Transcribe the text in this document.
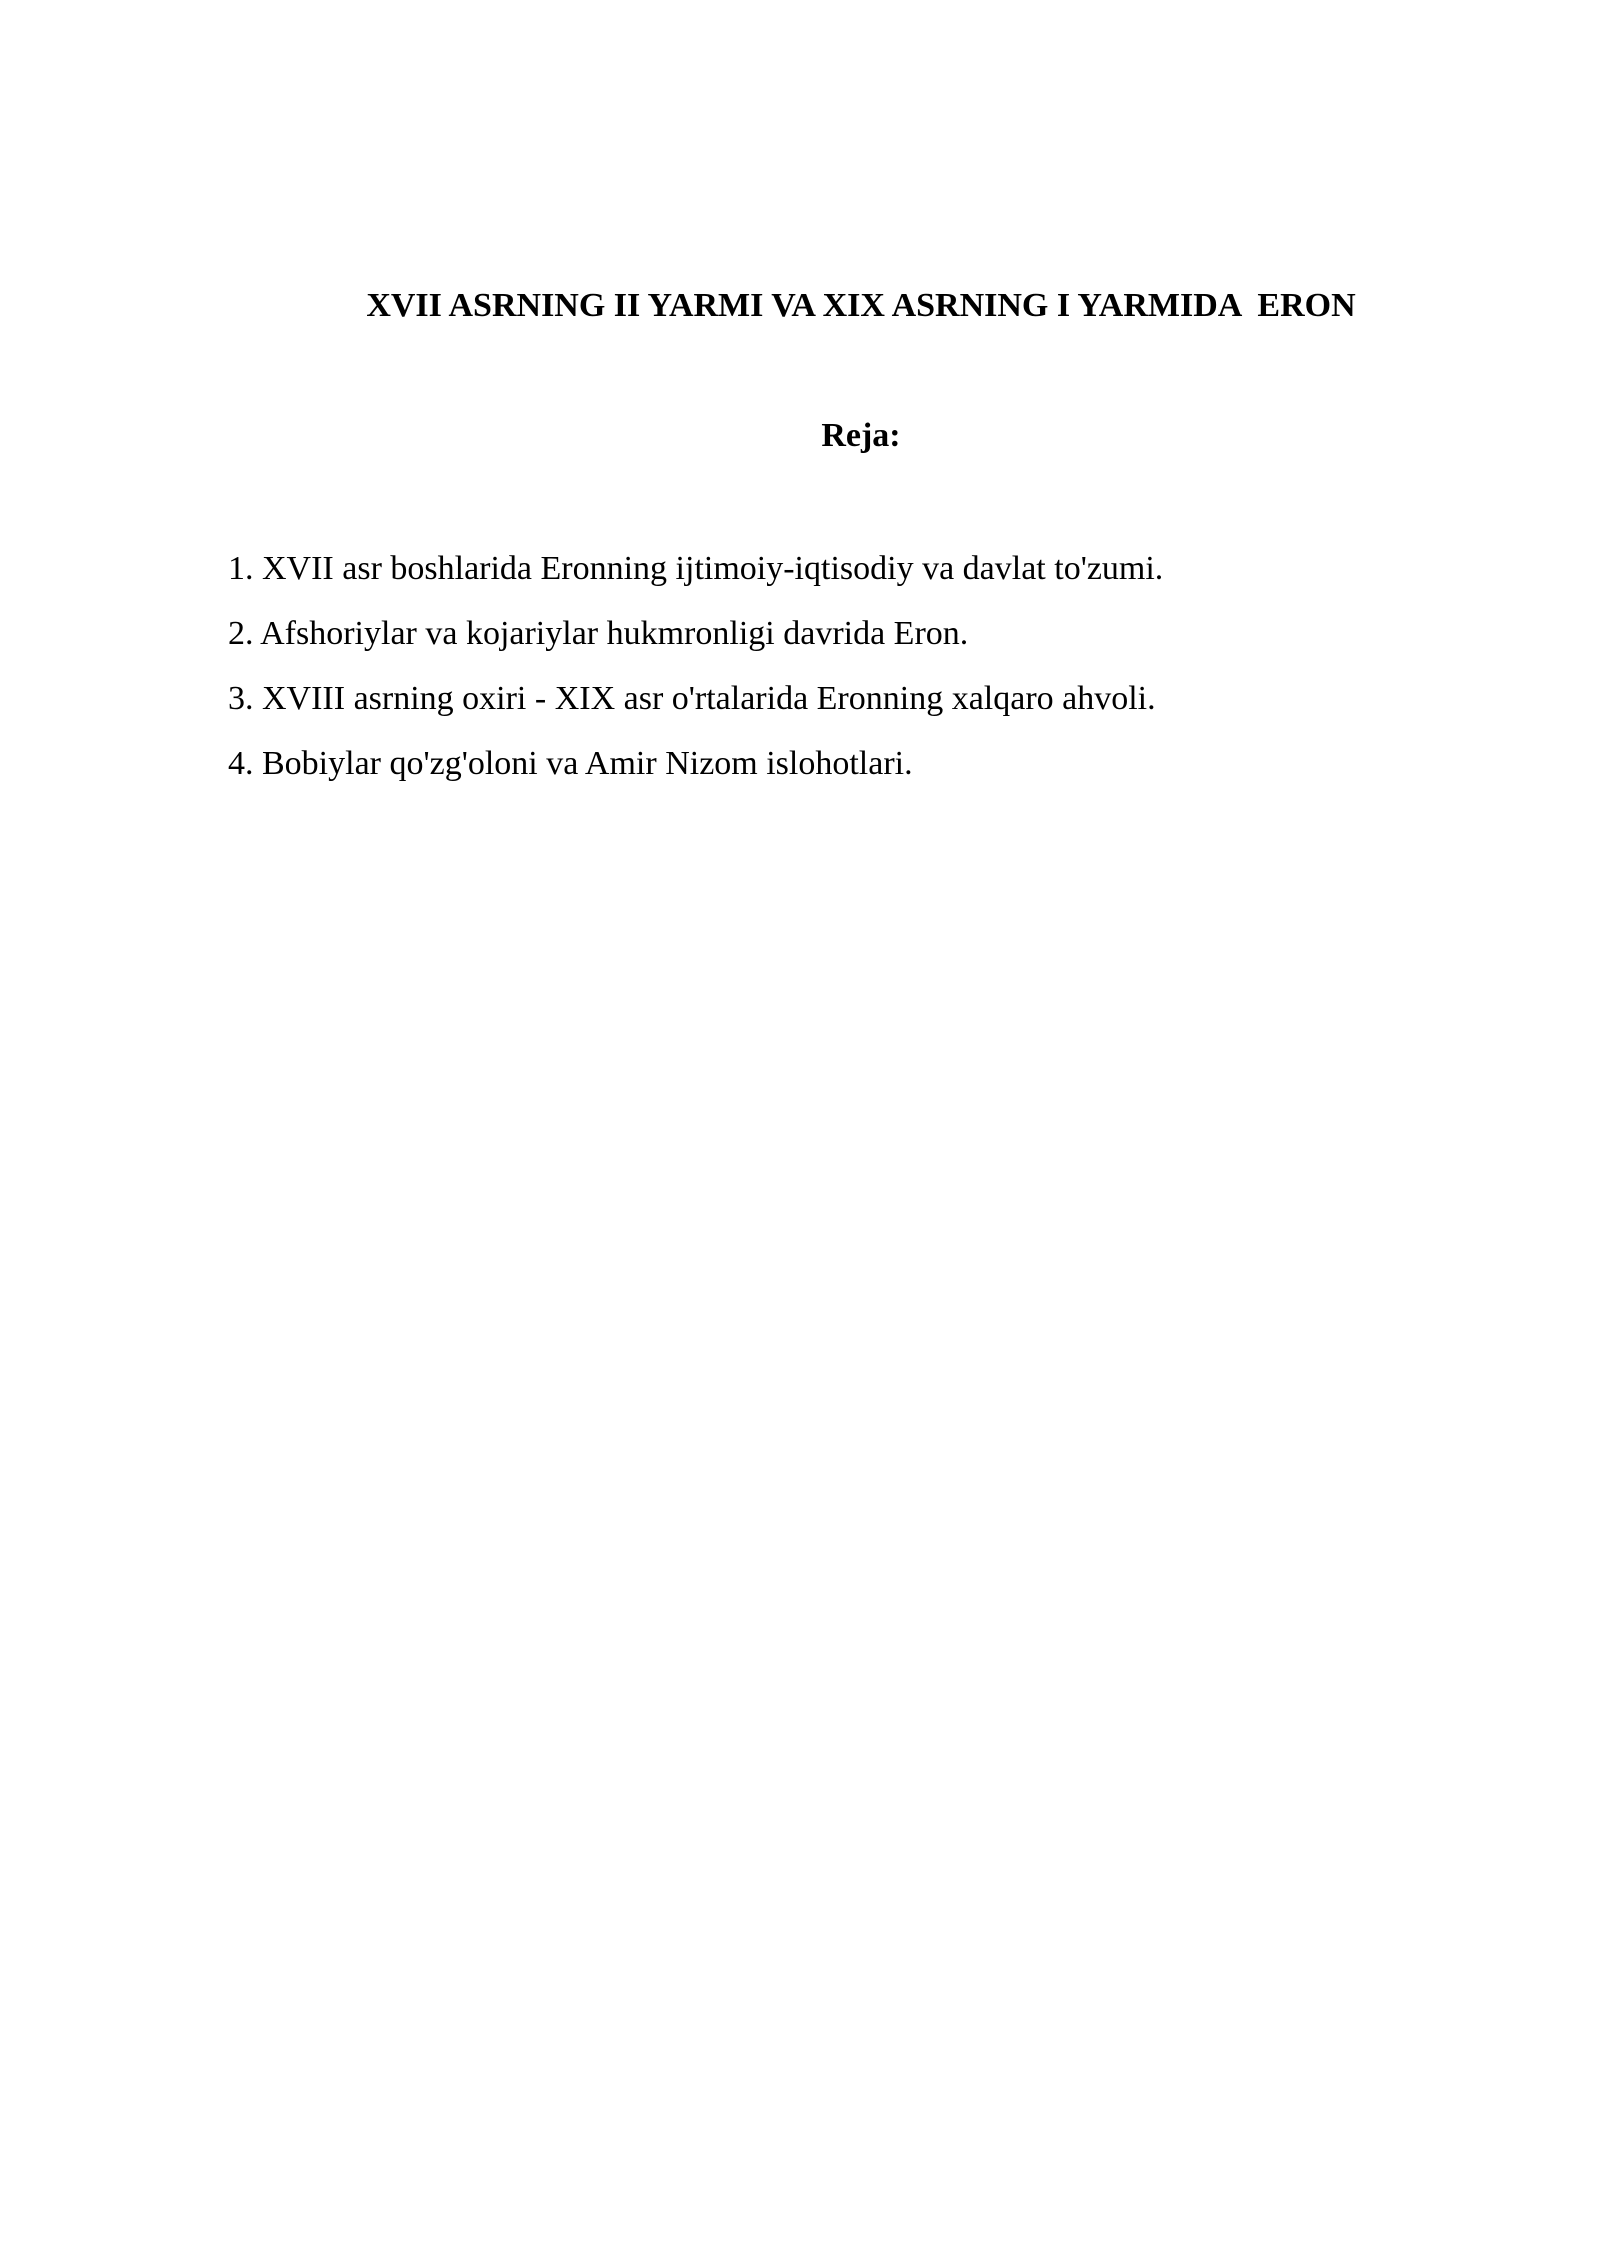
XVII ASRNING II YARMI VA XIX ASRNING I YARMIDA  ERON
Reja:
1. XVII asr boshlarida Eronning ijtimoiy-iqtisodiy va davlat to'zumi.
2. Afshoriylar va kojariylar hukmronligi davrida Eron.
3. XVIII asrning oxiri - XIX asr o'rtalarida Eronning xalqaro ahvoli.
4. Bobiylar qo'zg'oloni va Amir Nizom islohotlari.
